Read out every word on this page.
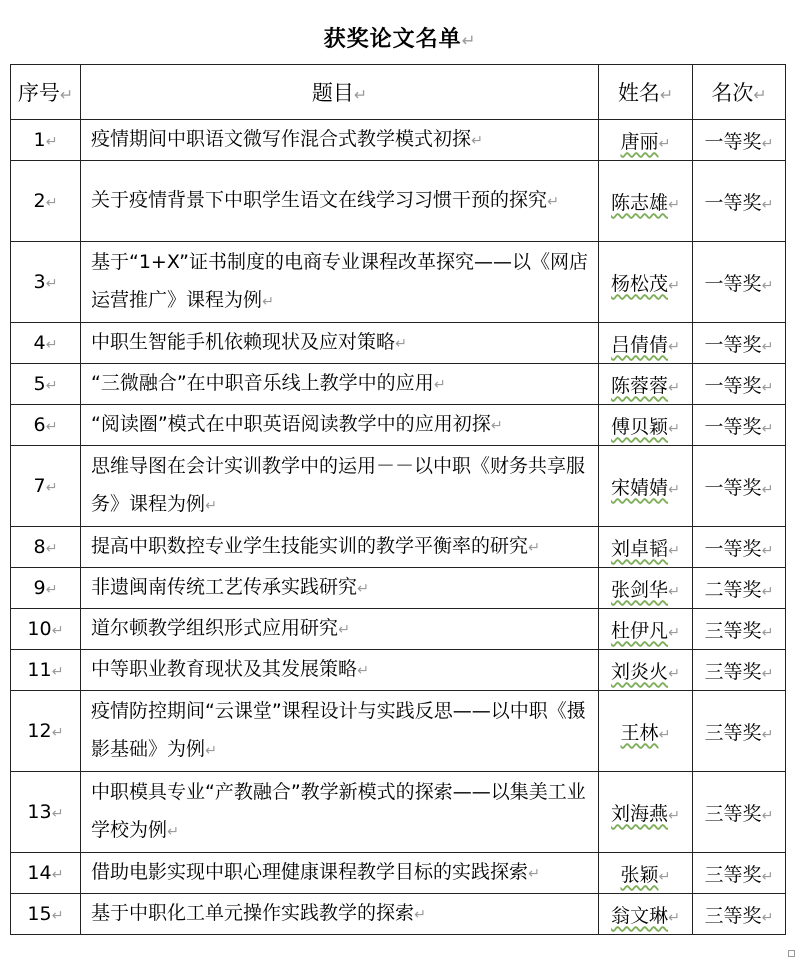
获奖论文名单↵
序号↵	题目↵	姓名↵	名次↵
1↵	疫情期间中职语文微写作混合式教学模式初探↵	唐丽↵	一等奖↵
2↵	关于疫情背景下中职学生语文在线学习习惯干预的探究↵	陈志雄↵	一等奖↵
3↵	基于“1+X”证书制度的电商专业课程改革探究——以《网店运营推广》课程为例↵	杨松茂↵	一等奖↵
4↵	中职生智能手机依赖现状及应对策略↵	吕倩倩↵	一等奖↵
5↵	“三微融合”在中职音乐线上教学中的应用↵	陈蓉蓉↵	一等奖↵
6↵	“阅读圈”模式在中职英语阅读教学中的应用初探↵	傅贝颖↵	一等奖↵
7↵	思维导图在会计实训教学中的运用－－以中职《财务共享服务》课程为例↵	宋婧婧↵	一等奖↵
8↵	提高中职数控专业学生技能实训的教学平衡率的研究↵	刘卓韬↵	一等奖↵
9↵	非遗闽南传统工艺传承实践研究↵	张剑华↵	二等奖↵
10↵	道尔顿教学组织形式应用研究↵	杜伊凡↵	三等奖↵
11↵	中等职业教育现状及其发展策略↵	刘炎火↵	三等奖↵
12↵	疫情防控期间“云课堂”课程设计与实践反思——以中职《摄影基础》为例↵	王林↵	三等奖↵
13↵	中职模具专业“产教融合”教学新模式的探索——以集美工业学校为例↵	刘海燕↵	三等奖↵
14↵	借助电影实现中职心理健康课程教学目标的实践探索↵	张颖↵	三等奖↵
15↵	基于中职化工单元操作实践教学的探索↵	翁文琳↵	三等奖↵
